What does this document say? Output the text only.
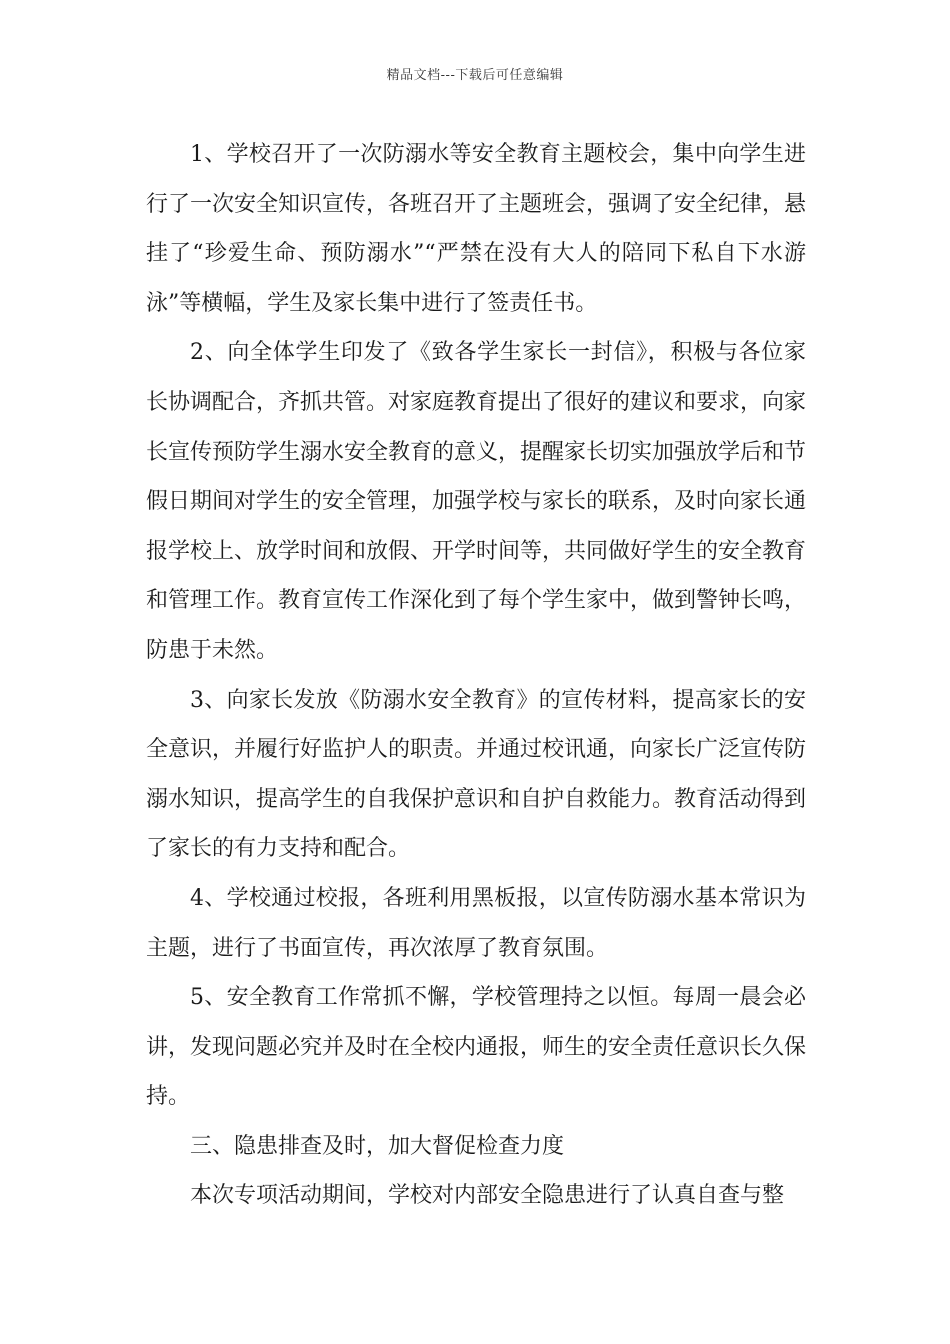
精品文档---下载后可任意编辑

1、学校召开了一次防溺水等安全教育主题校会，集中向学生进行了一次安全知识宣传，各班召开了主题班会，强调了安全纪律，悬挂了“珍爱生命、预防溺水”“严禁在没有大人的陪同下私自下水游泳”等横幅，学生及家长集中进行了签责任书。

2、向全体学生印发了《致各学生家长一封信》，积极与各位家长协调配合，齐抓共管。对家庭教育提出了很好的建议和要求，向家长宣传预防学生溺水安全教育的意义，提醒家长切实加强放学后和节假日期间对学生的安全管理，加强学校与家长的联系，及时向家长通报学校上、放学时间和放假、开学时间等，共同做好学生的安全教育和管理工作。教育宣传工作深化到了每个学生家中，做到警钟长鸣，防患于未然。

3、向家长发放《防溺水安全教育》的宣传材料，提高家长的安全意识，并履行好监护人的职责。并通过校讯通，向家长广泛宣传防溺水知识，提高学生的自我保护意识和自护自救能力。教育活动得到了家长的有力支持和配合。

4、学校通过校报，各班利用黑板报，以宣传防溺水基本常识为主题，进行了书面宣传，再次浓厚了教育氛围。

5、安全教育工作常抓不懈，学校管理持之以恒。每周一晨会必讲，发现问题必究并及时在全校内通报，师生的安全责任意识长久保持。

三、隐患排查及时，加大督促检查力度

本次专项活动期间，学校对内部安全隐患进行了认真自查与整
